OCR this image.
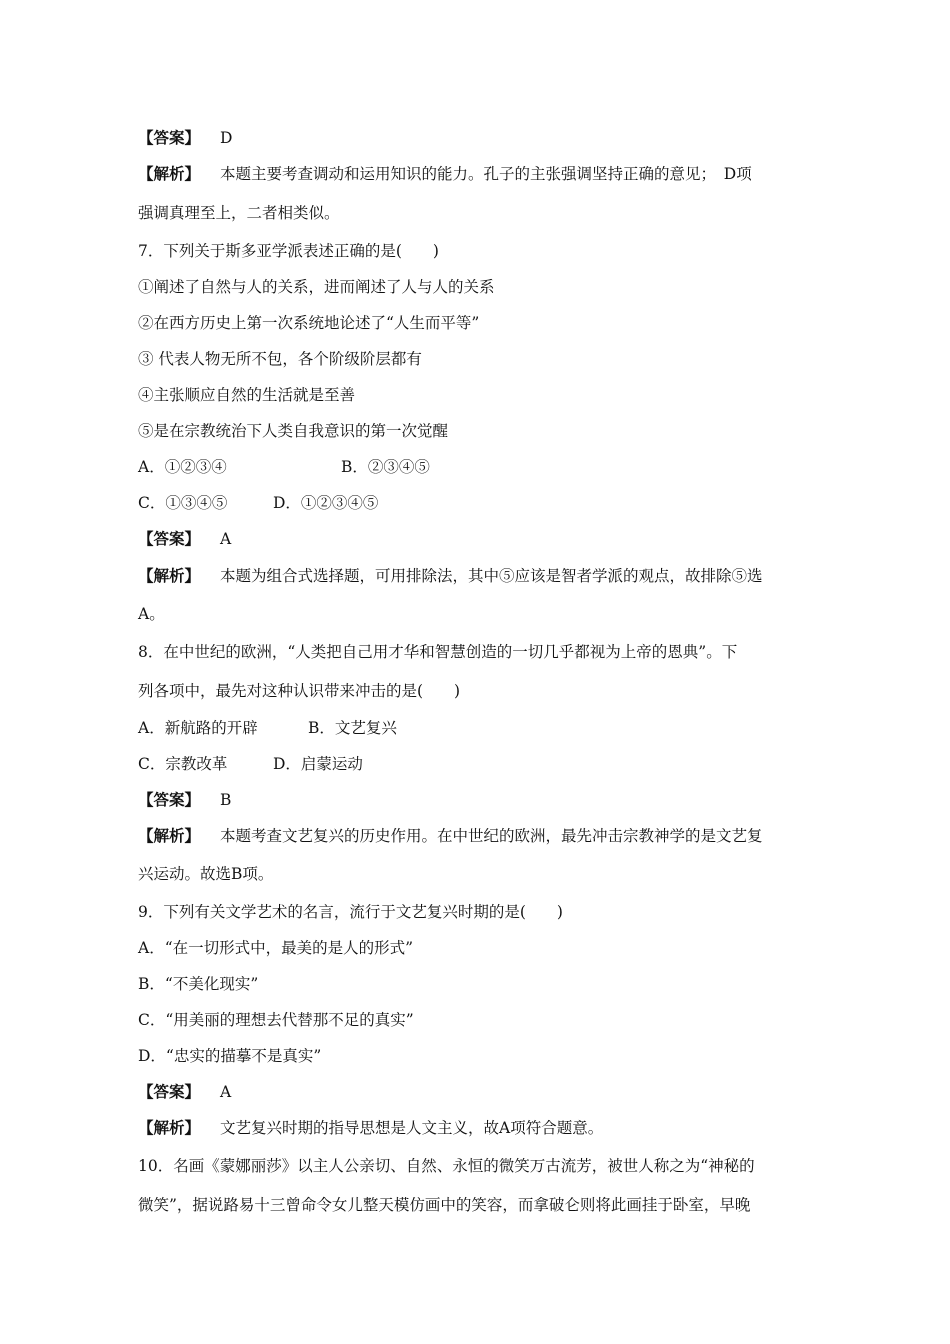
【答案】 D
【解析】 本题主要考查调动和运用知识的能力。孔子的主张强调坚持正确的意见；　D项
强调真理至上，二者相类似。
7．下列关于斯多亚学派表述正确的是(　　)
①阐述了自然与人的关系，进而阐述了人与人的关系
②在西方历史上第一次系统地论述了“人生而平等”
③ 代表人物无所不包，各个阶级阶层都有
④主张顺应自然的生活就是至善
⑤是在宗教统治下人类自我意识的第一次觉醒
A．①②③④	B．②③④⑤
C．①③④⑤	D．①②③④⑤
【答案】 A
【解析】 本题为组合式选择题，可用排除法，其中⑤应该是智者学派的观点，故排除⑤选
A。
8．在中世纪的欧洲，“人类把自己用才华和智慧创造的一切几乎都视为上帝的恩典”。下
列各项中，最先对这种认识带来冲击的是(　　)
A．新航路的开辟	B．文艺复兴
C．宗教改革	D．启蒙运动
【答案】 B
【解析】 本题考查文艺复兴的历史作用。在中世纪的欧洲，最先冲击宗教神学的是文艺复
兴运动。故选B项。
9．下列有关文学艺术的名言，流行于文艺复兴时期的是(　　)
A．“在一切形式中，最美的是人的形式”
B．“不美化现实”
C．“用美丽的理想去代替那不足的真实”
D．“忠实的描摹不是真实”
【答案】 A
【解析】 文艺复兴时期的指导思想是人文主义，故A项符合题意。
10．名画《蒙娜丽莎》以主人公亲切、自然、永恒的微笑万古流芳，被世人称之为“神秘的
微笑”，据说路易十三曾命令女儿整天模仿画中的笑容，而拿破仑则将此画挂于卧室，早晚
